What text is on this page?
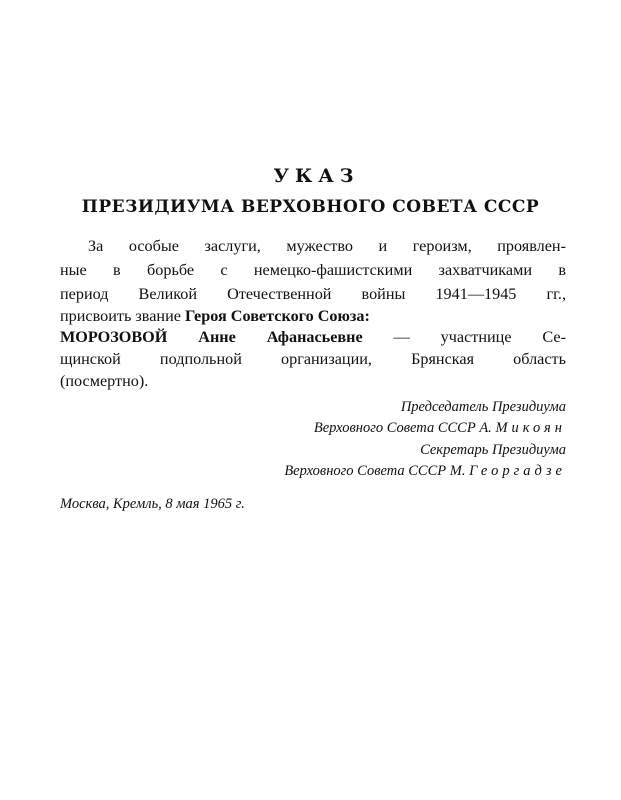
УКАЗ
ПРЕЗИДИУМА ВЕРХОВНОГО СОВЕТА СССР
За особые заслуги, мужество и героизм, проявлен-
ные в борьбе с немецко-фашистскими захватчиками в
период Великой Отечественной войны 1941—1945 гг.,
присвоить звание Героя Советского Союза:
МОРОЗОВОЙ Анне Афанасьевне — участнице Се-
щинской подпольной организации, Брянская область
(посмертно).
Председатель Президиума
Верховного Совета СССР А. Микоян
Секретарь Президиума
Верховного Совета СССР М. Георгадзе
Москва, Кремль, 8 мая 1965 г.
